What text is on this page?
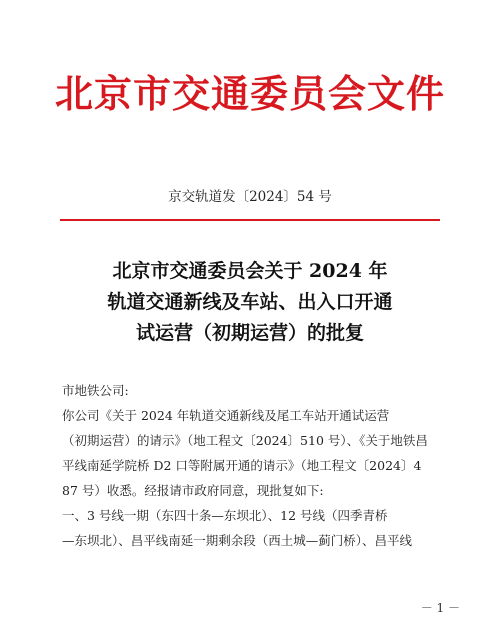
北京市交通委员会文件
京交轨道发〔2024〕54 号
北京市交通委员会关于 2024 年
轨道交通新线及车站、出入口开通
试运营（初期运营）的批复
市地铁公司:
你公司《关于 2024 年轨道交通新线及尾工车站开通试运营
（初期运营）的请示》（地工程文〔2024〕510 号）、《关于地铁昌
平线南延学院桥 D2 口等附属开通的请示》（地工程文〔2024〕4
87 号）收悉。经报请市政府同意，现批复如下:
一、3 号线一期（东四十条—东坝北）、12 号线（四季青桥
—东坝北）、昌平线南延一期剩余段（西土城—蓟门桥）、昌平线
－ 1 －
